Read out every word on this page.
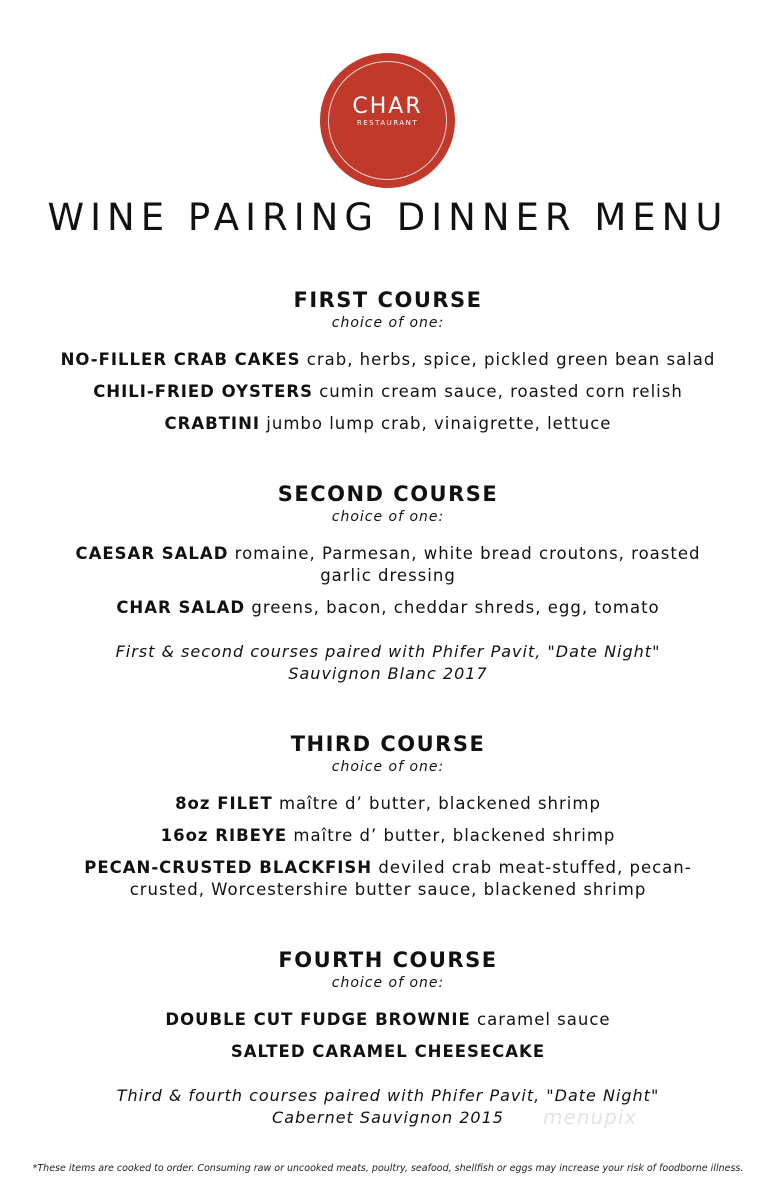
CHAR
RESTAURANT
WINE PAIRING DINNER MENU

FIRST COURSE

choice of one:

NO-FILLER CRAB CAKES crab, herbs, spice, pickled green bean salad

CHILI-FRIED OYSTERS cumin cream sauce, roasted corn relish

CRABTINI jumbo lump crab, vinaigrette, lettuce

SECOND COURSE

choice of one:

CAESAR SALAD romaine, Parmesan, white bread croutons, roasted garlic dressing

CHAR SALAD greens, bacon, cheddar shreds, egg, tomato

First & second courses paired with Phifer Pavit, "Date Night" Sauvignon Blanc 2017

THIRD COURSE

choice of one:

8oz FILET maître d’ butter, blackened shrimp

16oz RIBEYE maître d’ butter, blackened shrimp

PECAN-CRUSTED BLACKFISH deviled crab meat-stuffed, pecan-crusted, Worcestershire butter sauce, blackened shrimp

FOURTH COURSE

choice of one:

DOUBLE CUT FUDGE BROWNIE caramel sauce

SALTED CARAMEL CHEESECAKE

Third & fourth courses paired with Phifer Pavit, "Date Night" Cabernet Sauvignon 2015	menupix
*These items are cooked to order. Consuming raw or uncooked meats, poultry, seafood, shellfish or eggs may increase your risk of foodborne illness.
